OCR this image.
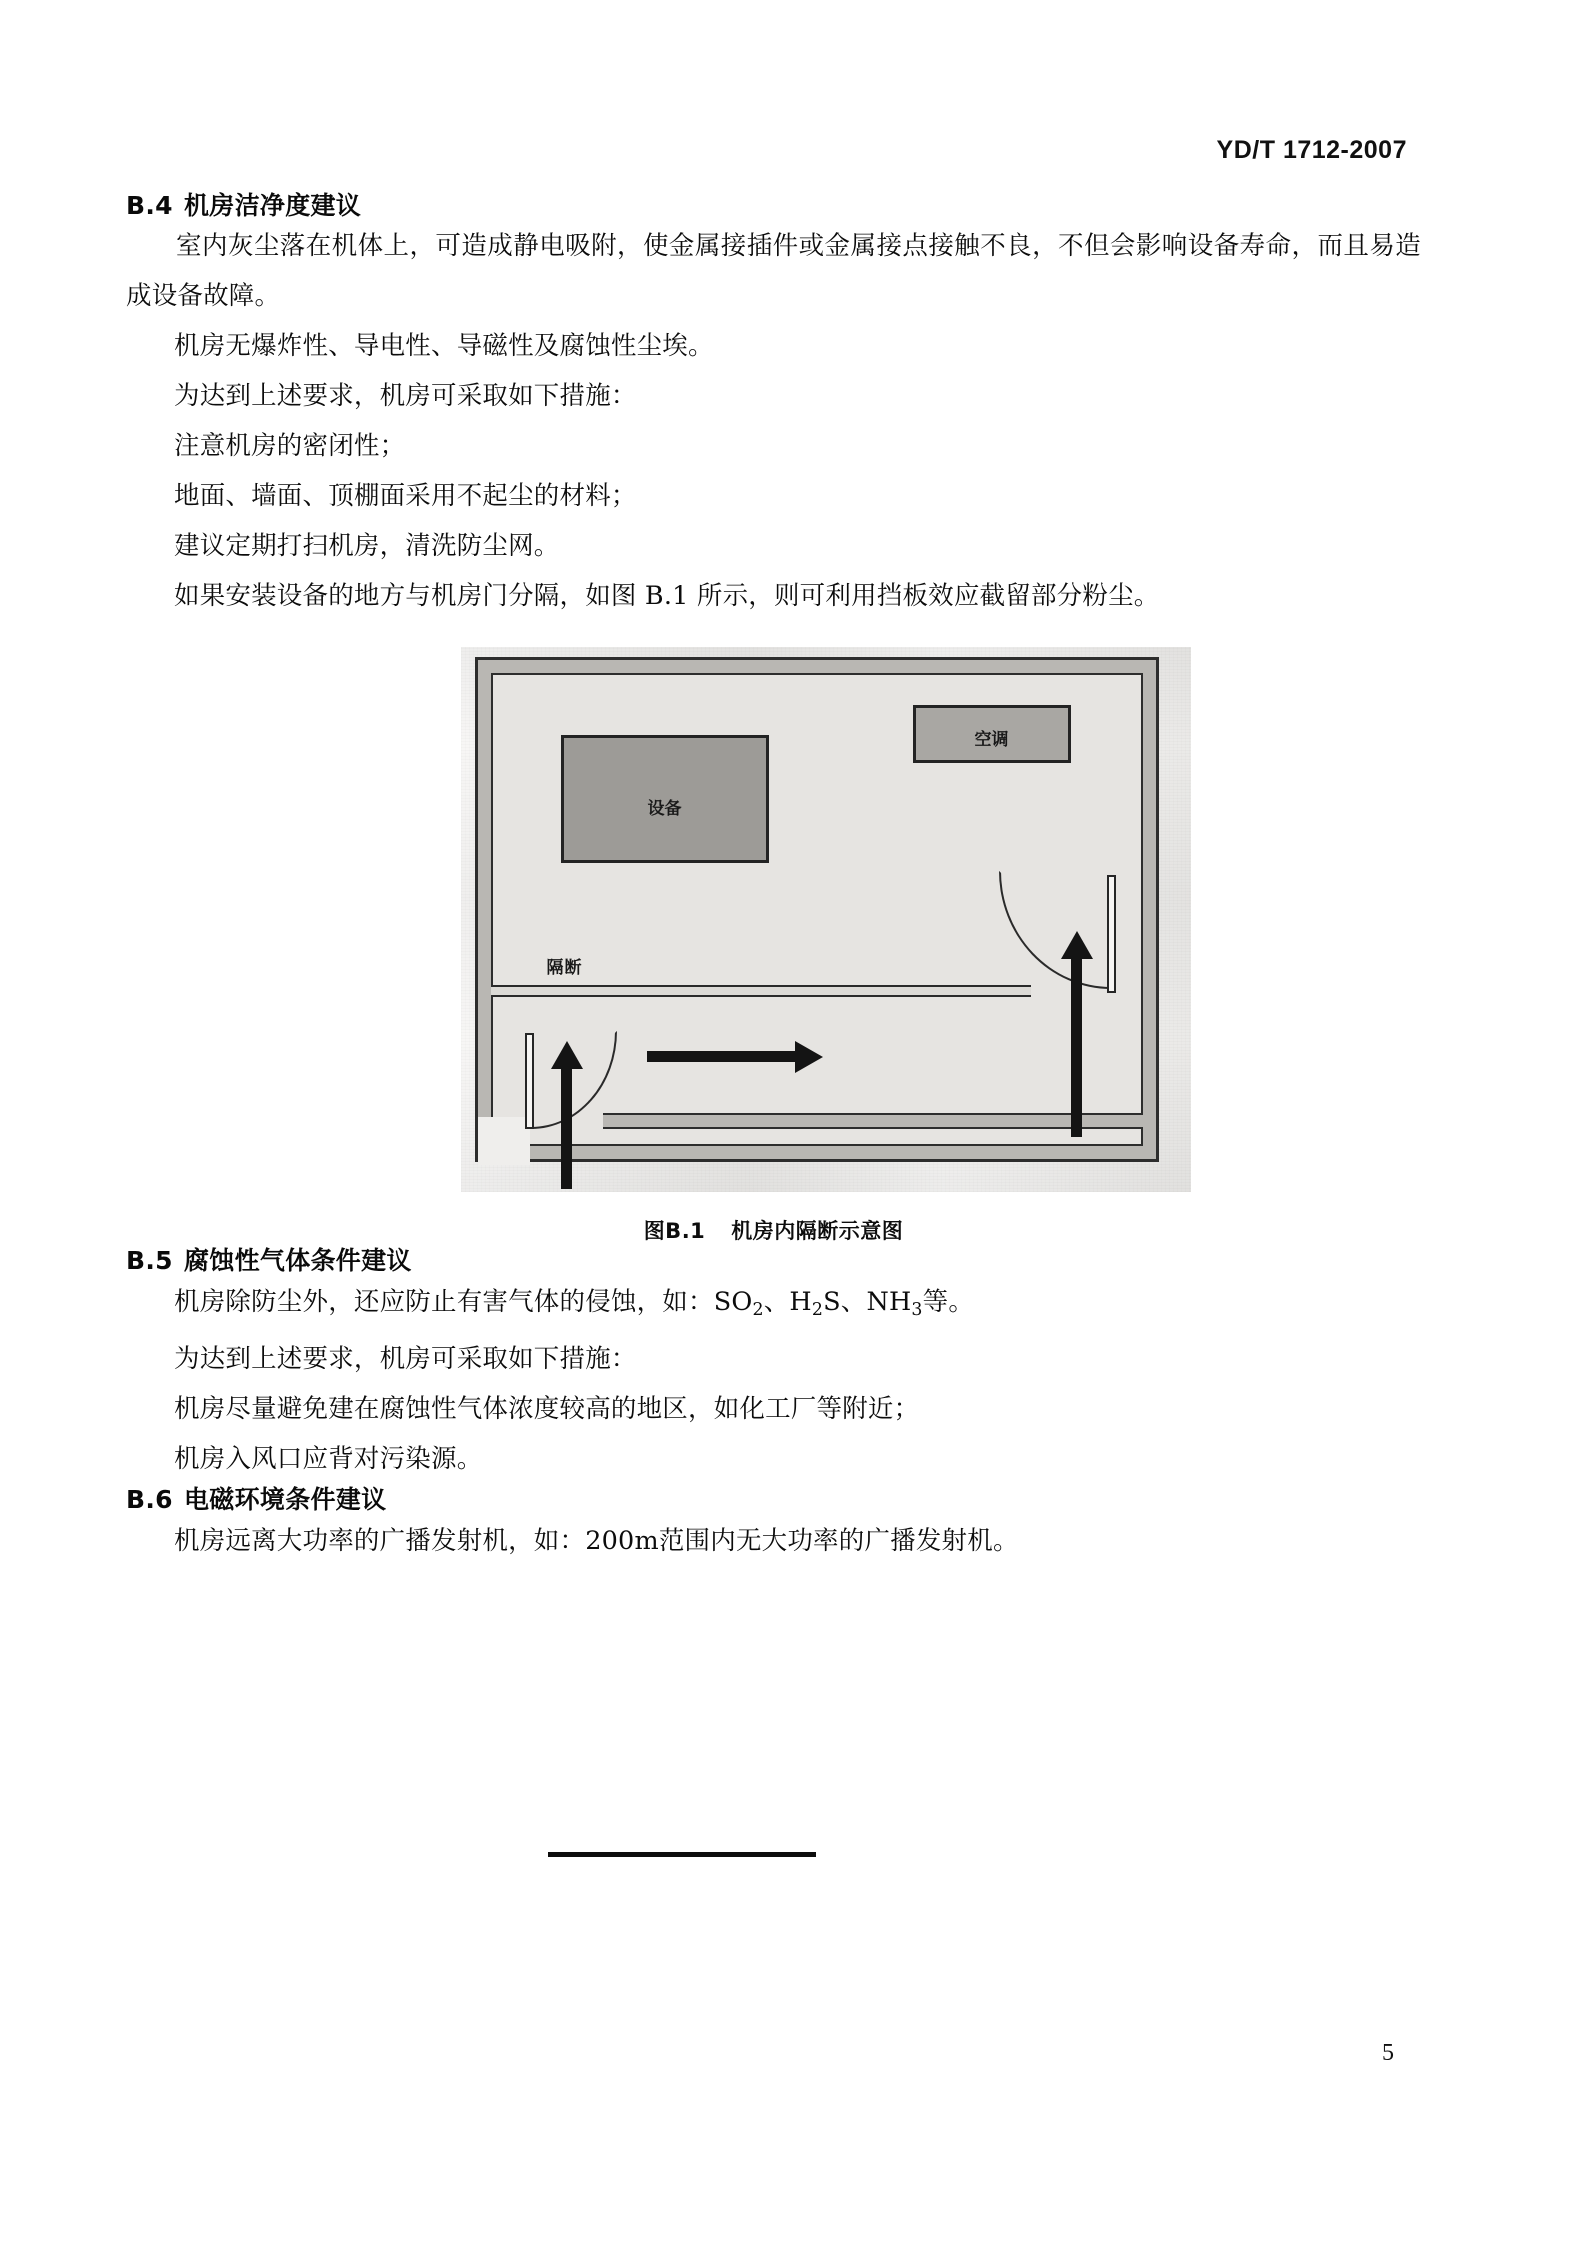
YD/T 1712-2007
B.4 机房洁净度建议

室内灰尘落在机体上，可造成静电吸附，使金属接插件或金属接点接触不良，不但会影响设备寿命，而且易造成设备故障。

机房无爆炸性、导电性、导磁性及腐蚀性尘埃。

为达到上述要求，机房可采取如下措施：

注意机房的密闭性；

地面、墙面、顶棚面采用不起尘的材料；

建议定期打扫机房，清洗防尘网。

如果安装设备的地方与机房门分隔，如图 B.1 所示，则可利用挡板效应截留部分粉尘。

设备
空调
隔断
图B.1 机房内隔断示意图
B.5 腐蚀性气体条件建议

机房除防尘外，还应防止有害气体的侵蚀，如：$SO_2$、$H_2S$、$NH_3$等。

为达到上述要求，机房可采取如下措施：

机房尽量避免建在腐蚀性气体浓度较高的地区，如化工厂等附近；

机房入风口应背对污染源。

B.6 电磁环境条件建议

机房远离大功率的广播发射机，如：200m范围内无大功率的广播发射机。

5
